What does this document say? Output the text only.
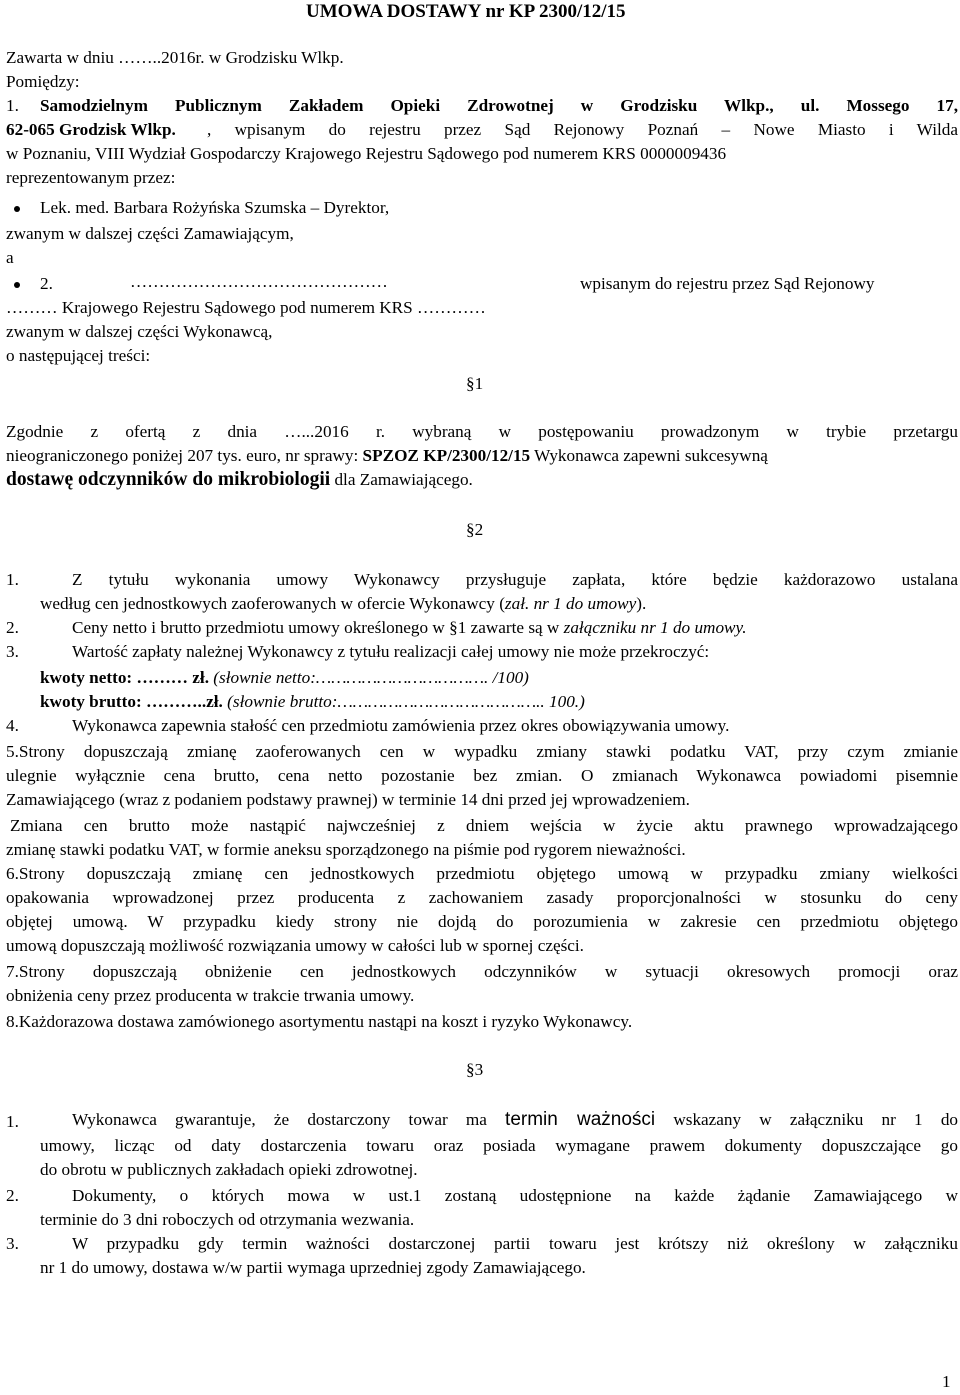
UMOWA DOSTAWY nr KP 2300/12/15
Zawarta w dniu ……..2016r. w Grodzisku Wlkp.
Pomiędzy:
1. Samodzielnym Publicznym Zakładem Opieki Zdrowotnej w Grodzisku Wlkp., ul. Mossego 17,
62-065 Grodzisk Wlkp. , wpisanym do rejestru przez Sąd Rejonowy Poznań – Nowe Miasto i Wilda
w Poznaniu, VIII Wydział Gospodarczy Krajowego Rejestru Sądowego pod numerem KRS 0000009436
reprezentowanym przez:
Lek. med. Barbara Rożyńska Szumska – Dyrektor,
zwanym w dalszej części Zamawiającym,
a
2.	………………………………………	wpisanym do rejestru przez Sąd Rejonowy
……… Krajowego Rejestru Sądowego pod numerem KRS …………
zwanym w dalszej części Wykonawcą,
o następującej treści:
§1
Zgodnie z ofertą z dnia …...2016 r. wybraną w postępowaniu prowadzonym w trybie przetargu
nieograniczonego poniżej 207 tys. euro, nr sprawy: SPZOZ KP/2300/12/15 Wykonawca zapewni sukcesywną
dostawę odczynników do mikrobiologii dla Zamawiającego.
§2
1.	Z tytułu wykonania umowy Wykonawcy przysługuje zapłata, które będzie każdorazowo ustalana
według cen jednostkowych zaoferowanych w ofercie Wykonawcy (zał. nr 1 do umowy).
2.	Ceny netto i brutto przedmiotu umowy określonego w §1 zawarte są w załączniku nr 1 do umowy.
3.	Wartość zapłaty należnej Wykonawcy z tytułu realizacji całej umowy nie może przekroczyć:
kwoty netto: ……… zł. (słownie netto:……………………………. /100)
kwoty brutto: ………..zł. (słownie brutto:………………………………….. 100.)
4.	Wykonawca zapewnia stałość cen przedmiotu zamówienia przez okres obowiązywania umowy.
5.Strony dopuszczają zmianę zaoferowanych cen w wypadku zmiany stawki podatku VAT, przy czym zmianie
ulegnie wyłącznie cena brutto, cena netto pozostanie bez zmian. O zmianach Wykonawca powiadomi pisemnie
Zamawiającego (wraz z podaniem podstawy prawnej) w terminie 14 dni przed jej wprowadzeniem.
Zmiana cen brutto może nastąpić najwcześniej z dniem wejścia w życie aktu prawnego wprowadzającego
zmianę stawki podatku VAT, w formie aneksu sporządzonego na piśmie pod rygorem nieważności.
6.Strony dopuszczają zmianę cen jednostkowych przedmiotu objętego umową w przypadku zmiany wielkości
opakowania wprowadzonej przez producenta z zachowaniem zasady proporcjonalności w stosunku do ceny
objętej umową. W przypadku kiedy strony nie dojdą do porozumienia w zakresie cen przedmiotu objętego
umową dopuszczają możliwość rozwiązania umowy w całości lub w spornej części.
7.Strony dopuszczają obniżenie cen jednostkowych odczynników w sytuacji okresowych promocji oraz
obniżenia ceny przez producenta w trakcie trwania umowy.
8.Każdorazowa dostawa zamówionego asortymentu nastąpi na koszt i ryzyko Wykonawcy.
§3
1.	Wykonawca gwarantuje, że dostarczony towar ma termin ważności wskazany w załączniku nr 1 do
umowy, licząc od daty dostarczenia towaru oraz posiada wymagane prawem dokumenty dopuszczające go
do obrotu w publicznych zakładach opieki zdrowotnej.
2.	Dokumenty, o których mowa w ust.1 zostaną udostępnione na każde żądanie Zamawiającego w
terminie do 3 dni roboczych od otrzymania wezwania.
3.	W przypadku gdy termin ważności dostarczonej partii towaru jest krótszy niż określony w załączniku
nr 1 do umowy, dostawa w/w partii wymaga uprzedniej zgody Zamawiającego.
1
